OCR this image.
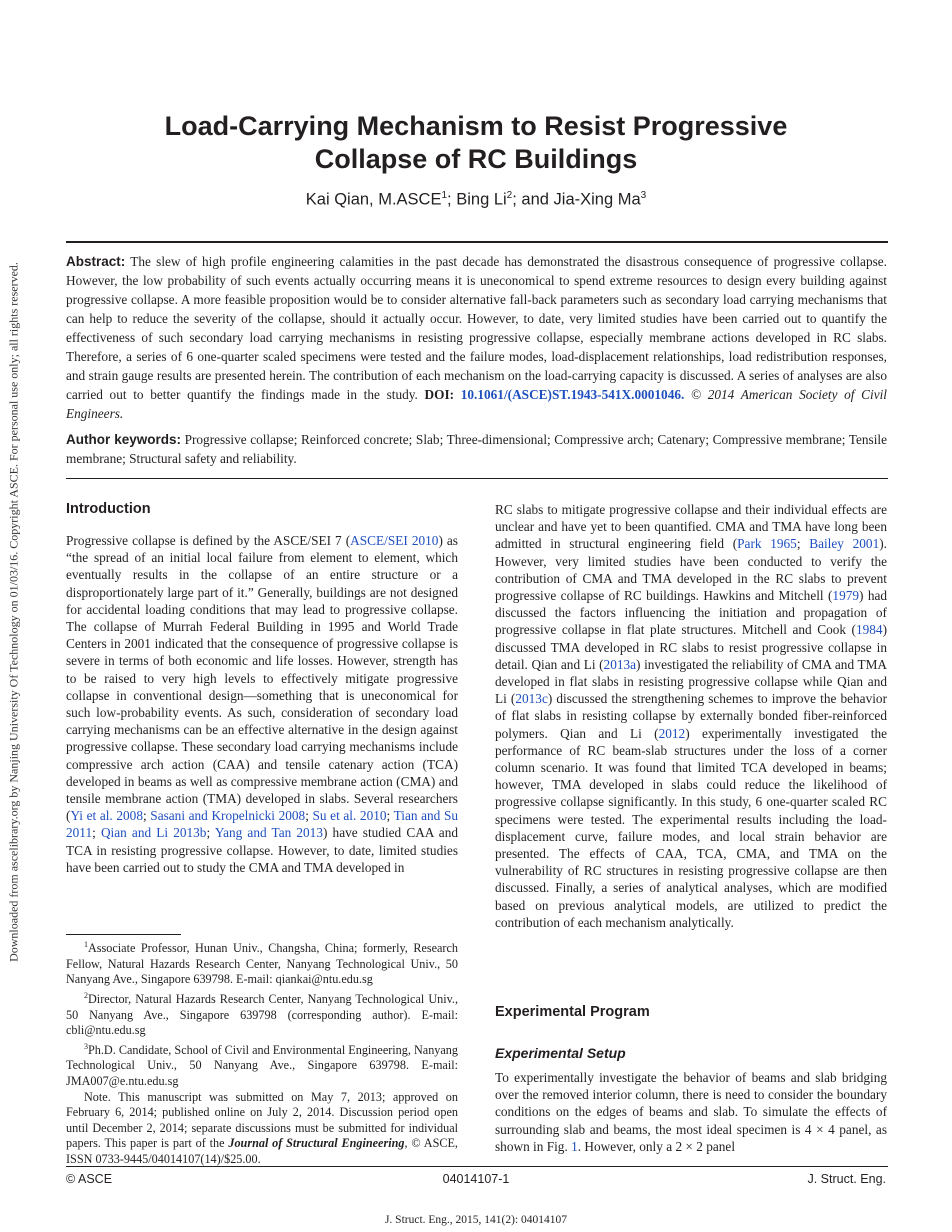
Downloaded from ascelibrary.org by Nanjing University Of Technology on 01/03/16. Copyright ASCE. For personal use only; all rights reserved.
Load-Carrying Mechanism to Resist Progressive
Collapse of RC Buildings
Kai Qian, M.ASCE$^1$; Bing Li$^2$; and Jia-Xing Ma$^3$
Abstract: The slew of high profile engineering calamities in the past decade has demonstrated the disastrous consequence of progressive collapse. However, the low probability of such events actually occurring means it is uneconomical to spend extreme resources to design every building against progressive collapse. A more feasible proposition would be to consider alternative fall-back parameters such as secondary load carrying mechanisms that can help to reduce the severity of the collapse, should it actually occur. However, to date, very limited studies have been carried out to quantify the effectiveness of such secondary load carrying mechanisms in resisting progressive collapse, especially membrane actions developed in RC slabs. Therefore, a series of 6 one-quarter scaled specimens were tested and the failure modes, load-displacement relationships, load redistribution responses, and strain gauge results are presented herein. The contribution of each mechanism on the load-carrying capacity is discussed. A series of analyses are also carried out to better quantify the findings made in the study. DOI: 10.1061/(ASCE)ST.1943-541X.0001046. © 2014 American Society of Civil Engineers.
Author keywords: Progressive collapse; Reinforced concrete; Slab; Three-dimensional; Compressive arch; Catenary; Compressive membrane; Tensile membrane; Structural safety and reliability.
Introduction
Progressive collapse is defined by the ASCE/SEI 7 (ASCE/SEI 2010) as “the spread of an initial local failure from element to element, which eventually results in the collapse of an entire structure or a disproportionately large part of it.” Generally, buildings are not designed for accidental loading conditions that may lead to progressive collapse. The collapse of Murrah Federal Building in 1995 and World Trade Centers in 2001 indicated that the consequence of progressive collapse is severe in terms of both economic and life losses. However, strength has to be raised to very high levels to effectively mitigate progressive collapse in conventional design—something that is uneconomical for such low-probability events. As such, consideration of secondary load carrying mechanisms can be an effective alternative in the design against progressive collapse. These secondary load carrying mechanisms include compressive arch action (CAA) and tensile catenary action (TCA) developed in beams as well as compressive membrane action (CMA) and tensile membrane action (TMA) developed in slabs. Several researchers (Yi et al. 2008; Sasani and Kropelnicki 2008; Su et al. 2010; Tian and Su 2011; Qian and Li 2013b; Yang and Tan 2013) have studied CAA and TCA in resisting progressive collapse. However, to date, limited studies have been carried out to study the CMA and TMA developed in

$^1$Associate Professor, Hunan Univ., Changsha, China; formerly, Research Fellow, Natural Hazards Research Center, Nanyang Technological Univ., 50 Nanyang Ave., Singapore 639798. E-mail: qiankai@ntu.edu.sg

$^2$Director, Natural Hazards Research Center, Nanyang Technological Univ., 50 Nanyang Ave., Singapore 639798 (corresponding author). E-mail: cbli@ntu.edu.sg

$^3$Ph.D. Candidate, School of Civil and Environmental Engineering, Nanyang Technological Univ., 50 Nanyang Ave., Singapore 639798. E-mail: JMA007@e.ntu.edu.sg

Note. This manuscript was submitted on May 7, 2013; approved on February 6, 2014; published online on July 2, 2014. Discussion period open until December 2, 2014; separate discussions must be submitted for individual papers. This paper is part of the Journal of Structural Engineering, © ASCE, ISSN 0733-9445/04014107(14)/$25.00.

RC slabs to mitigate progressive collapse and their individual effects are unclear and have yet to been quantified. CMA and TMA have long been admitted in structural engineering field (Park 1965; Bailey 2001). However, very limited studies have been conducted to verify the contribution of CMA and TMA developed in the RC slabs to prevent progressive collapse of RC buildings. Hawkins and Mitchell (1979) had discussed the factors influencing the initiation and propagation of progressive collapse in flat plate structures. Mitchell and Cook (1984) discussed TMA developed in RC slabs to resist progressive collapse in detail. Qian and Li (2013a) investigated the reliability of CMA and TMA developed in flat slabs in resisting progressive collapse while Qian and Li (2013c) discussed the strengthening schemes to improve the behavior of flat slabs in resisting collapse by externally bonded fiber-reinforced polymers. Qian and Li (2012) experimentally investigated the performance of RC beam-slab structures under the loss of a corner column scenario. It was found that limited TCA developed in beams; however, TMA developed in slabs could reduce the likelihood of progressive collapse significantly. In this study, 6 one-quarter scaled RC specimens were tested. The experimental results including the load-displacement curve, failure modes, and local strain behavior are presented. The effects of CAA, TCA, CMA, and TMA on the vulnerability of RC structures in resisting progressive collapse are then discussed. Finally, a series of analytical analyses, which are modified based on previous analytical models, are utilized to predict the contribution of each mechanism analytically.
Experimental Program
Experimental Setup
To experimentally investigate the behavior of beams and slab bridging over the removed interior column, there is need to consider the boundary conditions on the edges of beams and slab. To simulate the effects of surrounding slab and beams, the most ideal specimen is 4 × 4 panel, as shown in Fig. 1. However, only a 2 × 2 panel
© ASCE	04014107-1	J. Struct. Eng.
J. Struct. Eng., 2015, 141(2): 04014107
